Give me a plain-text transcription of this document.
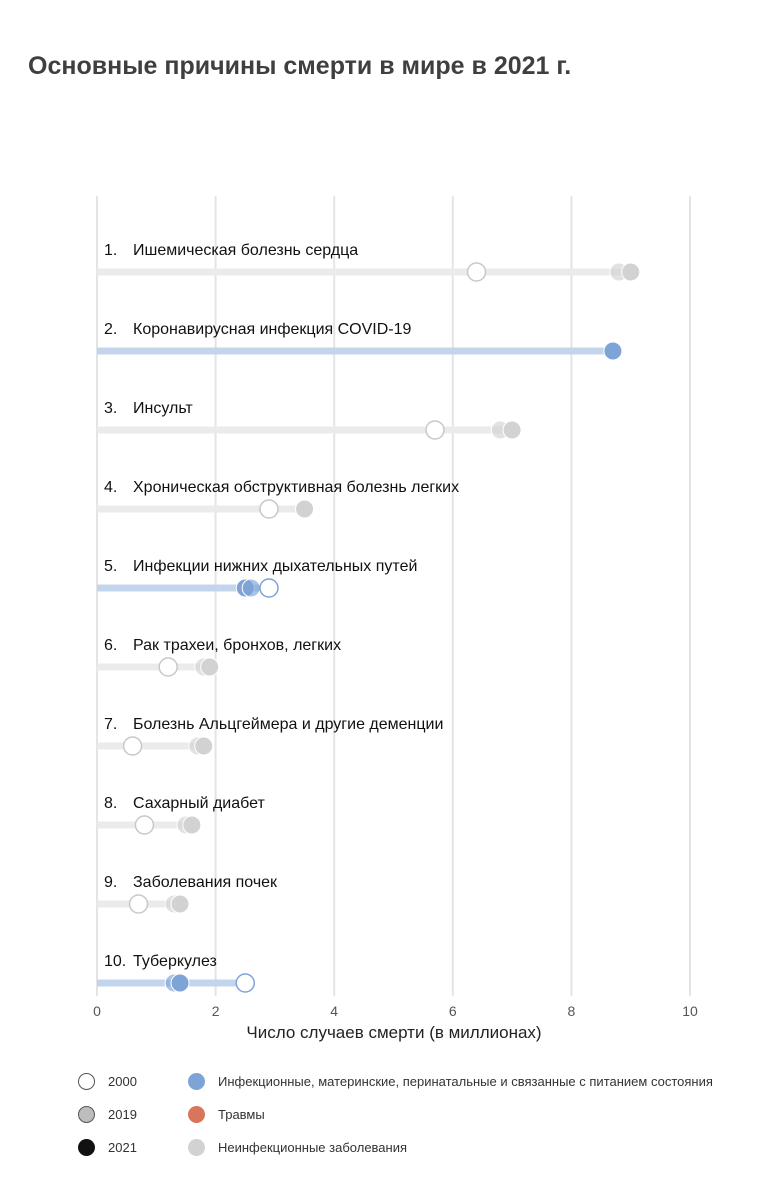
Основные причины смерти в мире в 2021 г.
0	2	4	6	8	10
1. Ишемическая болезнь сердца
2. Коронавирусная инфекция COVID-19
3. Инсульт
4. Хроническая обструктивная болезнь легких
5. Инфекции нижних дыхательных путей
6. Рак трахеи, бронхов, легких
7. Болезнь Альцгеймера и другие деменции
8. Сахарный диабет
9. Заболевания почек
10. Туберкулез
Число случаев смерти (в миллионах)
2000
2019
2021
Инфекционные, материнские, перинатальные и связанные с питанием состояния
Травмы
Неинфекционные заболевания
